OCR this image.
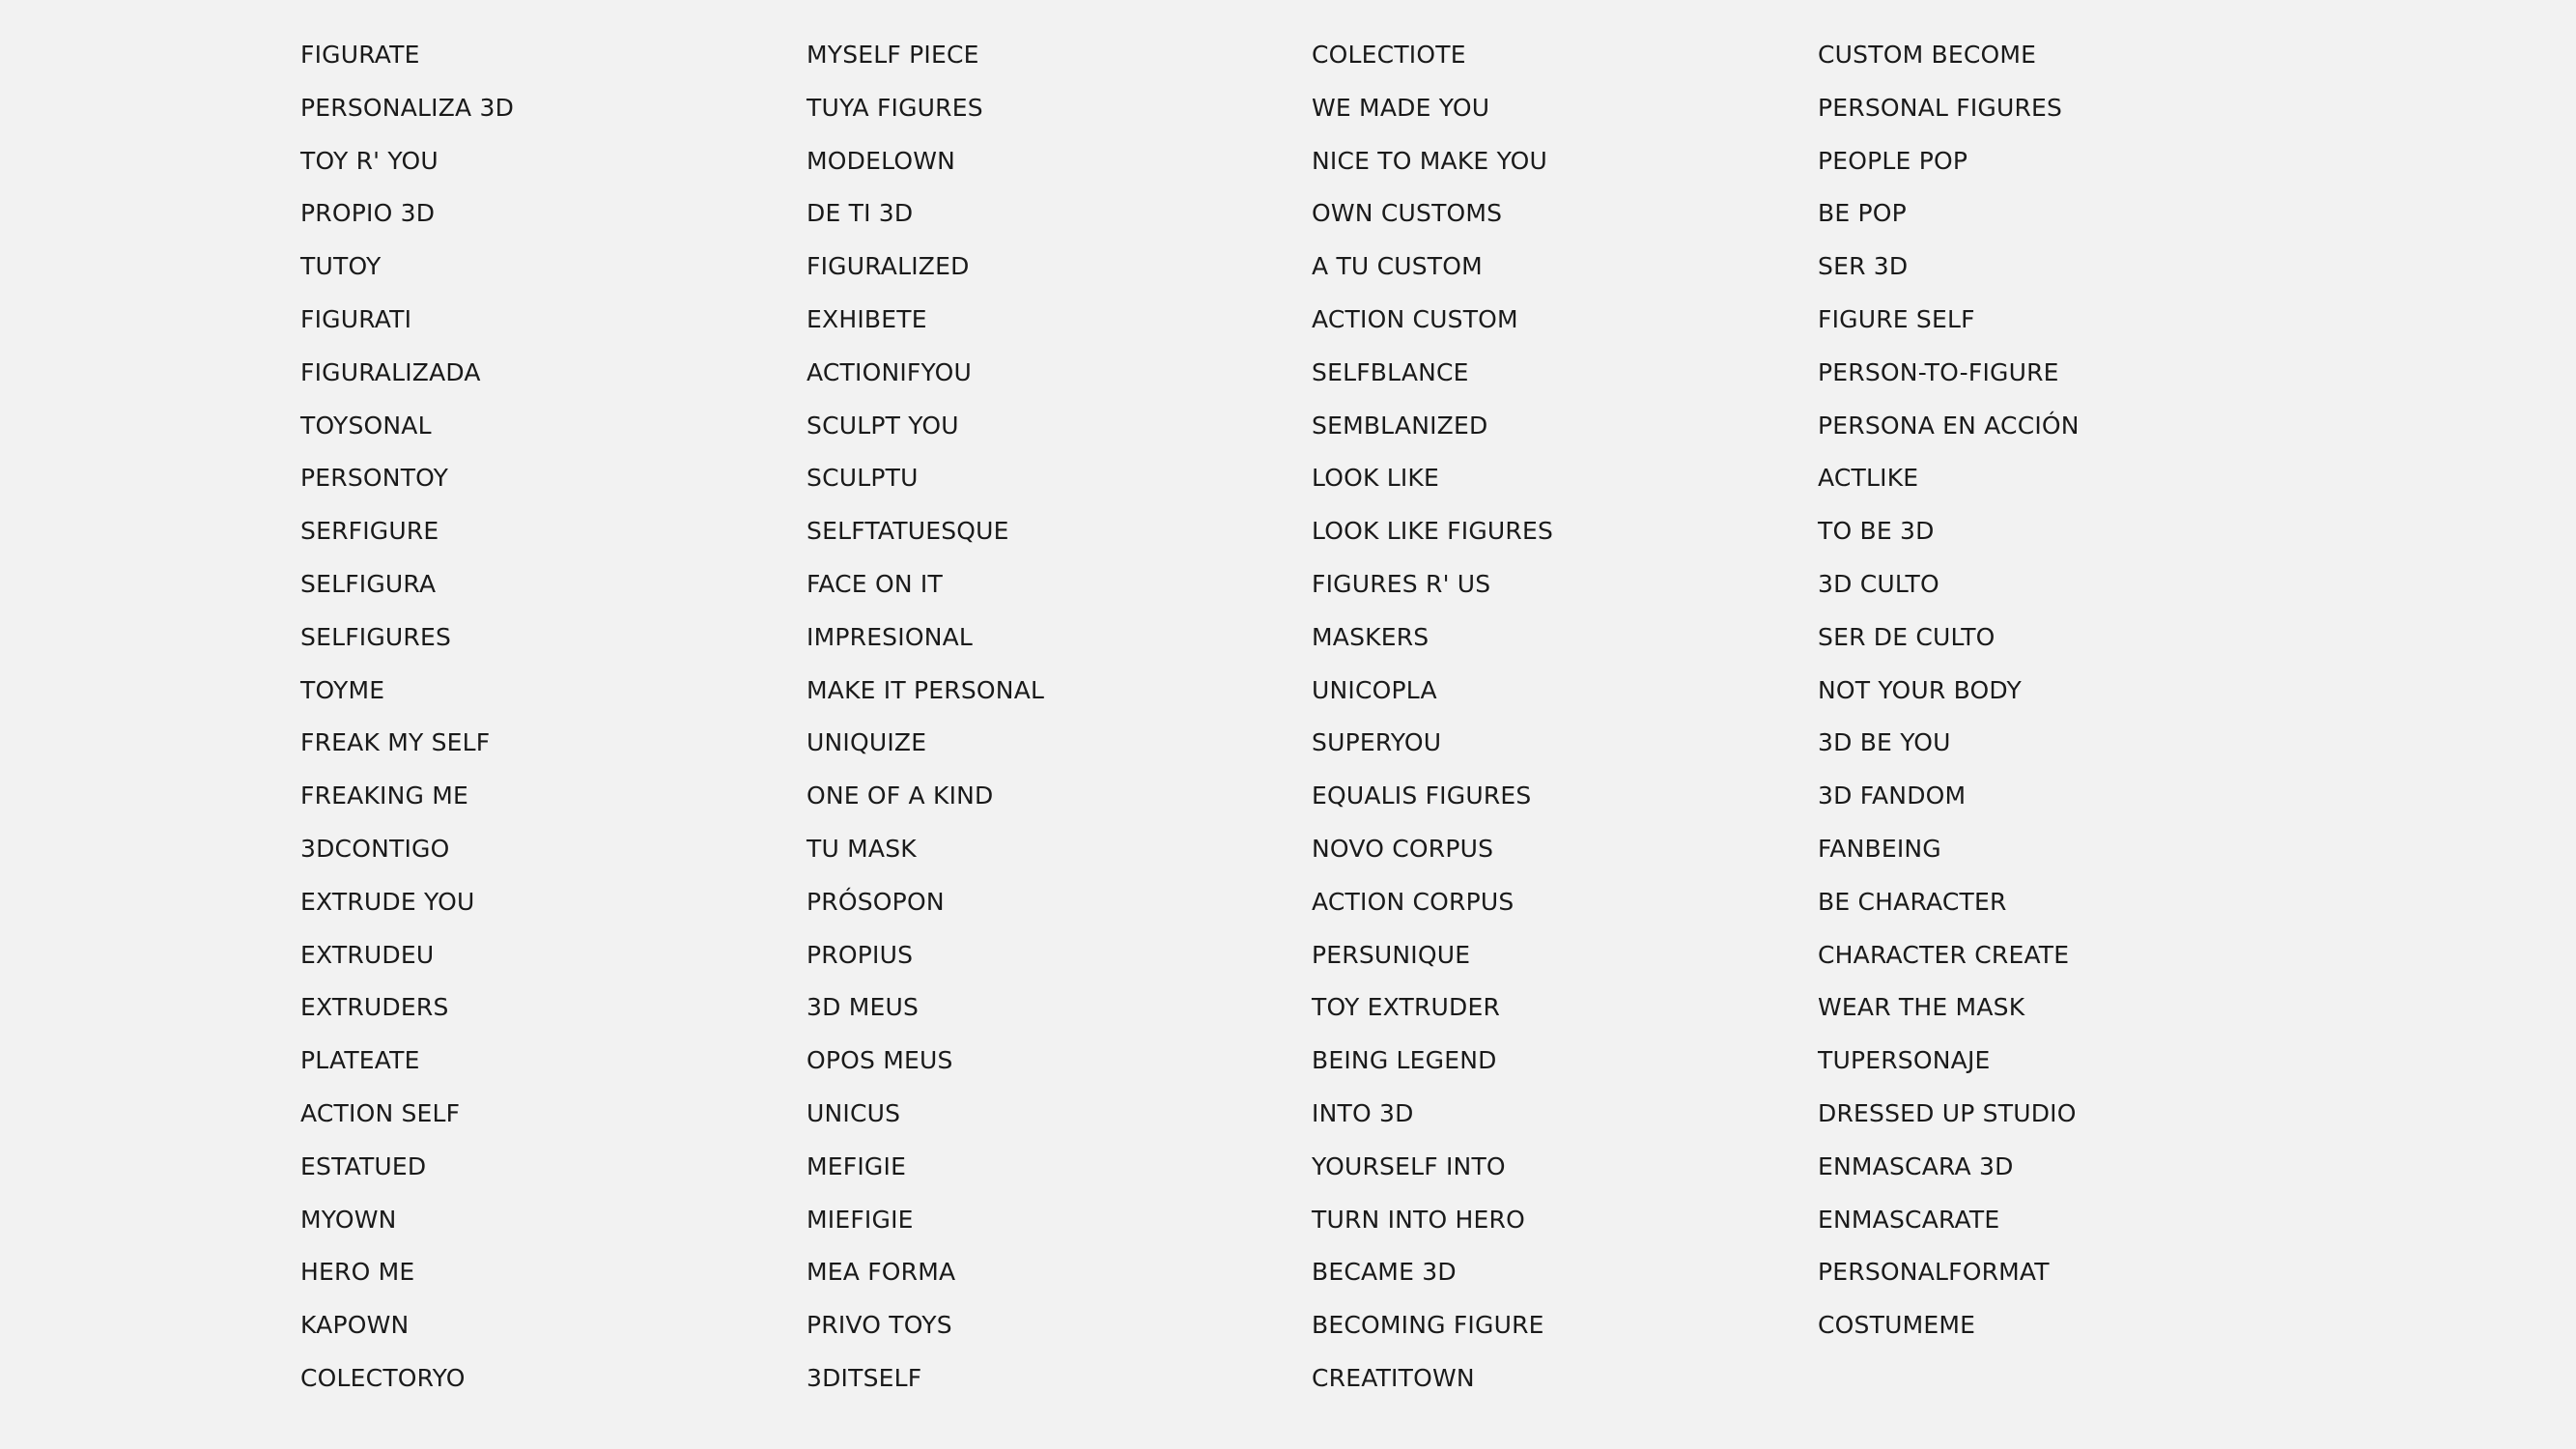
FIGURATE
PERSONALIZA 3D
TOY R' YOU
PROPIO 3D
TUTOY
FIGURATI
FIGURALIZADA
TOYSONAL
PERSONTOY
SERFIGURE
SELFIGURA
SELFIGURES
TOYME
FREAK MY SELF
FREAKING ME
3DCONTIGO
EXTRUDE YOU
EXTRUDEU
EXTRUDERS
PLATEATE
ACTION SELF
ESTATUED
MYOWN
HERO ME
KAPOWN
COLECTORYO
MYSELF PIECE
TUYA FIGURES
MODELOWN
DE TI 3D
FIGURALIZED
EXHIBETE
ACTIONIFYOU
SCULPT YOU
SCULPTU
SELFTATUESQUE
FACE ON IT
IMPRESIONAL
MAKE IT PERSONAL
UNIQUIZE
ONE OF A KIND
TU MASK
PRÓSOPON
PROPIUS
3D MEUS
OPOS MEUS
UNICUS
MEFIGIE
MIEFIGIE
MEA FORMA
PRIVO TOYS
3DITSELF
COLECTIOTE
WE MADE YOU
NICE TO MAKE YOU
OWN CUSTOMS
A TU CUSTOM
ACTION CUSTOM
SELFBLANCE
SEMBLANIZED
LOOK LIKE
LOOK LIKE FIGURES
FIGURES R' US
MASKERS
UNICOPLA
SUPERYOU
EQUALIS FIGURES
NOVO CORPUS
ACTION CORPUS
PERSUNIQUE
TOY EXTRUDER
BEING LEGEND
INTO 3D
YOURSELF INTO
TURN INTO HERO
BECAME 3D
BECOMING FIGURE
CREATITOWN
CUSTOM BECOME
PERSONAL FIGURES
PEOPLE POP
BE POP
SER 3D
FIGURE SELF
PERSON-TO-FIGURE
PERSONA EN ACCIÓN
ACTLIKE
TO BE 3D
3D CULTO
SER DE CULTO
NOT YOUR BODY
3D BE YOU
3D FANDOM
FANBEING
BE CHARACTER
CHARACTER CREATE
WEAR THE MASK
TUPERSONAJE
DRESSED UP STUDIO
ENMASCARA 3D
ENMASCARATE
PERSONALFORMAT
COSTUMEME
